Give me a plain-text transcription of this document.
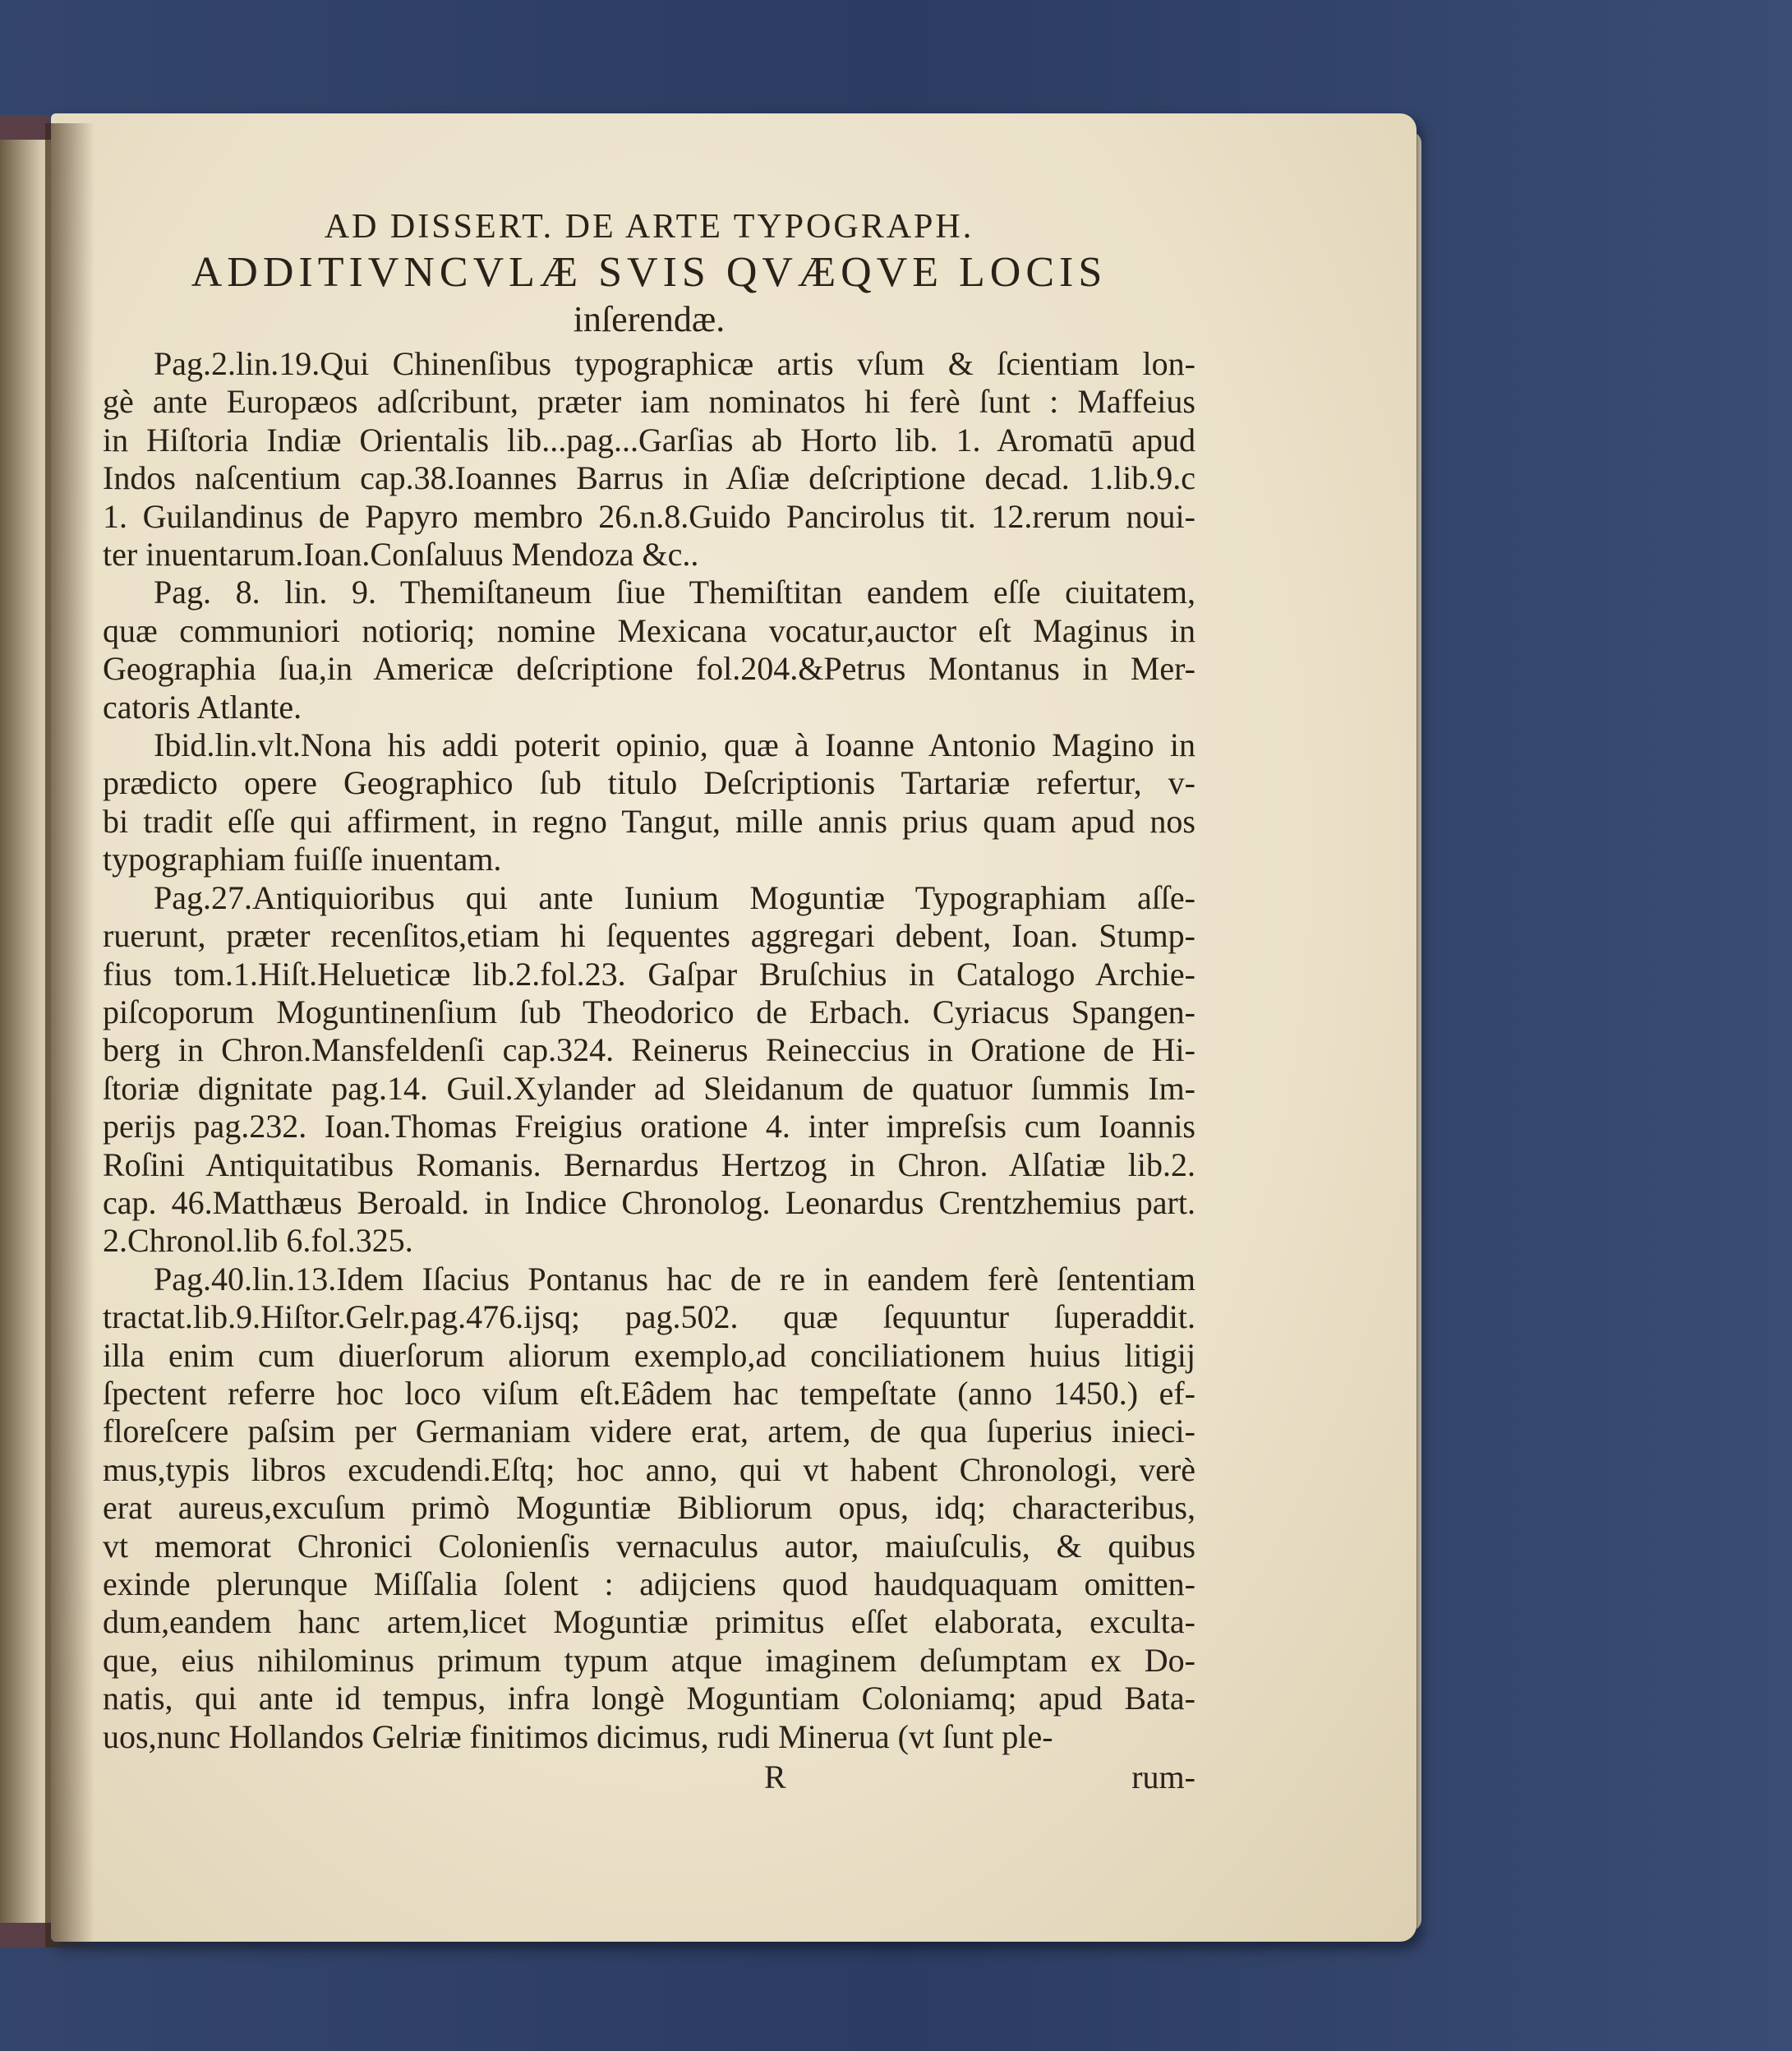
AD DISSERT. DE ARTE TYPOGRAPH.

ADDITIVNCVLÆ SVIS QVÆQVE LOCIS

inſerendæ.

Pag.2.lin.19.Qui Chinenſibus typographicæ artis vſum & ſcientiam lon-
gè ante Europæos adſcribunt, præter iam nominatos hi ferè ſunt : Maffeius
in Hiſtoria Indiæ Orientalis lib...pag...Garſias ab Horto lib. 1. Aromatū apud
Indos naſcentium cap.38.Ioannes Barrus in Aſiæ deſcriptione decad. 1.lib.9.c
1. Guilandinus de Papyro membro 26.n.8.Guido Pancirolus tit. 12.rerum noui-
ter inuentarum.Ioan.Conſaluus Mendoza &c..

Pag. 8. lin. 9. Themiſtaneum ſiue Themiſtitan eandem eſſe ciuitatem,
quæ communiori notioriq; nomine Mexicana vocatur,auctor eſt Maginus in
Geographia ſua,in Americæ deſcriptione fol.204.&Petrus Montanus in Mer-
catoris Atlante.

Ibid.lin.vlt.Nona his addi poterit opinio, quæ à Ioanne Antonio Magino in
prædicto opere Geographico ſub titulo Deſcriptionis Tartariæ refertur, v-
bi tradit eſſe qui affirment, in regno Tangut, mille annis prius quam apud nos
typographiam fuiſſe inuentam.

Pag.27.Antiquioribus qui ante Iunium Moguntiæ Typographiam aſſe-
ruerunt, præter recenſitos,etiam hi ſequentes aggregari debent, Ioan. Stump-
fius tom.1.Hiſt.Helueticæ lib.2.fol.23. Gaſpar Bruſchius in Catalogo Archie-
piſcoporum Moguntinenſium ſub Theodorico de Erbach. Cyriacus Spangen-
berg in Chron.Mansfeldenſi cap.324. Reinerus Reineccius in Oratione de Hi-
ſtoriæ dignitate pag.14. Guil.Xylander ad Sleidanum de quatuor ſummis Im-
perijs pag.232. Ioan.Thomas Freigius oratione 4. inter impreſsis cum Ioannis
Roſini Antiquitatibus Romanis. Bernardus Hertzog in Chron. Alſatiæ lib.2.
cap. 46.Matthæus Beroald. in Indice Chronolog. Leonardus Crentzhemius part.
2.Chronol.lib 6.fol.325.

Pag.40.lin.13.Idem Iſacius Pontanus hac de re in eandem ferè ſententiam
tractat.lib.9.Hiſtor.Gelr.pag.476.ijsq; pag.502. quæ ſequuntur ſuperaddit.
illa enim cum diuerſorum aliorum exemplo,ad conciliationem huius litigij
ſpectent referre hoc loco viſum eſt.Eâdem hac tempeſtate (anno 1450.) ef-
floreſcere paſsim per Germaniam videre erat, artem, de qua ſuperius inieci-
mus,typis libros excudendi.Eſtq; hoc anno, qui vt habent Chronologi, verè
erat aureus,excuſum primò Moguntiæ Bibliorum opus, idq; characteribus,
vt memorat Chronici Colonienſis vernaculus autor, maiuſculis, & quibus
exinde plerunque Miſſalia ſolent : adijciens quod haudquaquam omitten-
dum,eandem hanc artem,licet Moguntiæ primitus eſſet elaborata, exculta-
que, eius nihilominus primum typum atque imaginem deſumptam ex Do-
natis, qui ante id tempus, infra longè Moguntiam Coloniamq; apud Bata-
uos,nunc Hollandos Gelriæ finitimos dicimus, rudi Minerua (vt ſunt ple-

R	rum-
